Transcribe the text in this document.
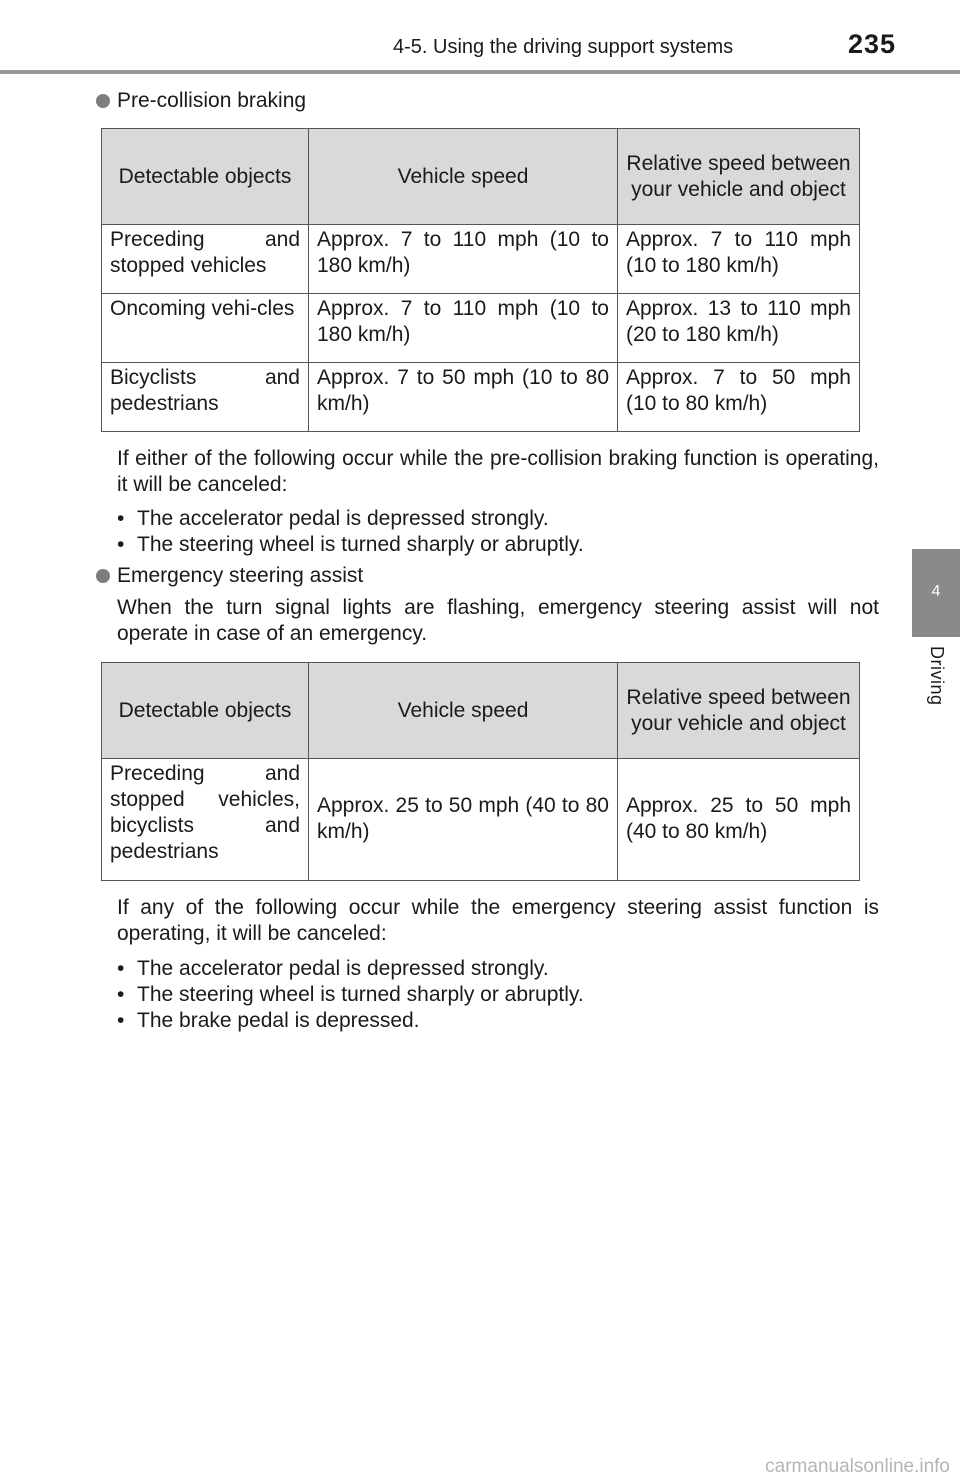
4-5. Using the driving support systems	235
4
Driving
Pre-collision braking
Detectable objects	Vehicle speed	Relative speed between your vehicle and object
Preceding and stopped vehicles	Approx. 7 to 110 mph (10 to 180 km/h)	Approx. 7 to 110 mph (10 to 180 km/h)
Oncoming vehi-cles	Approx. 7 to 110 mph (10 to 180 km/h)	Approx. 13 to 110 mph (20 to 180 km/h)
Bicyclists and pedestrians	Approx. 7 to 50 mph (10 to 80 km/h)	Approx. 7 to 50 mph (10 to 80 km/h)
If either of the following occur while the pre-collision braking function is operating, it will be canceled:
• The accelerator pedal is depressed strongly.
• The steering wheel is turned sharply or abruptly.
Emergency steering assist
When the turn signal lights are flashing, emergency steering assist will not operate in case of an emergency.
Detectable objects	Vehicle speed	Relative speed between your vehicle and object
Preceding and stopped vehicles, bicyclists and pedestrians	Approx. 25 to 50 mph (40 to 80 km/h)	Approx. 25 to 50 mph (40 to 80 km/h)
If any of the following occur while the emergency steering assist function is operating, it will be canceled:
• The accelerator pedal is depressed strongly.
• The steering wheel is turned sharply or abruptly.
• The brake pedal is depressed.
carmanualsonline.info
